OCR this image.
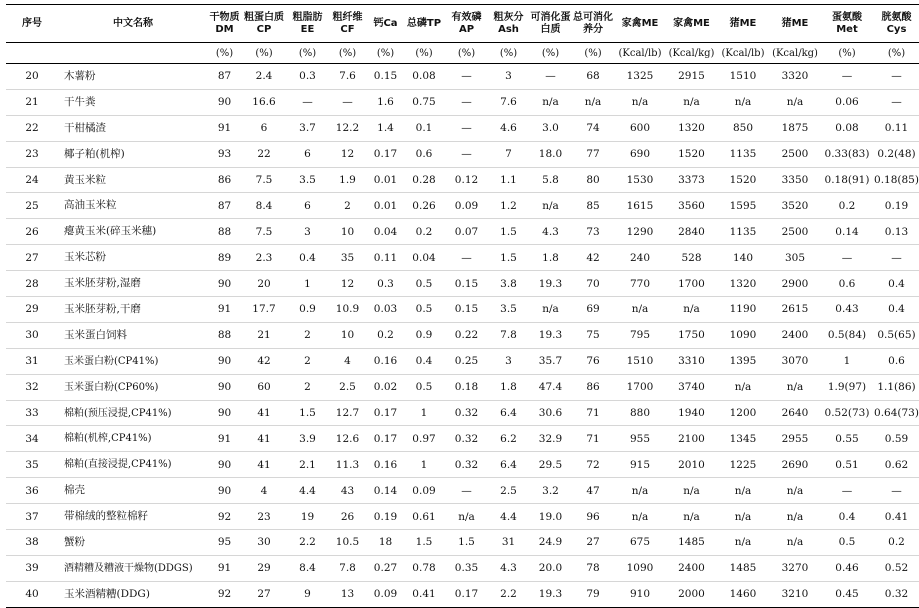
序号	中文名称	干物质 DM	粗蛋白质CP	粗脂肪 EE	粗纤维 CF	钙Ca	总磷TP	有效磷 AP	粗灰分 Ash	可消化蛋白质	总可消化养分	家禽ME	家禽ME	猪ME	猪ME	蛋氨酸 Met	胱氨酸 Cys
		(%)	(%)	(%)	(%)	(%)	(%)	(%)	(%)	(%)	(%)	(Kcal/lb)	(Kcal/kg)	(Kcal/lb)	(Kcal/kg)	(%)	(%)
20	木薯粉	87	2.4	0.3	7.6	0.15	0.08	—	3	—	68	1325	2915	1510	3320	—	—
21	干牛粪	90	16.6	—	—	1.6	0.75	—	7.6	n/a	n/a	n/a	n/a	n/a	n/a	0.06	—
22	干柑橘渣	91	6	3.7	12.2	1.4	0.1	—	4.6	3.0	74	600	1320	850	1875	0.08	0.11
23	椰子粕(机榨)	93	22	6	12	0.17	0.6	—	7	18.0	77	690	1520	1135	2500	0.33(83)	0.2(48)
24	黄玉米粒	86	7.5	3.5	1.9	0.01	0.28	0.12	1.1	5.8	80	1530	3373	1520	3350	0.18(91)	0.18(85)
25	高油玉米粒	87	8.4	6	2	0.01	0.26	0.09	1.2	n/a	85	1615	3560	1595	3520	0.2	0.19
26	瘪黄玉米(碎玉米穗)	88	7.5	3	10	0.04	0.2	0.07	1.5	4.3	73	1290	2840	1135	2500	0.14	0.13
27	玉米芯粉	89	2.3	0.4	35	0.11	0.04	—	1.5	1.8	42	240	528	140	305	—	—
28	玉米胚芽粉,湿磨	90	20	1	12	0.3	0.5	0.15	3.8	19.3	70	770	1700	1320	2900	0.6	0.4
29	玉米胚芽粉,干磨	91	17.7	0.9	10.9	0.03	0.5	0.15	3.5	n/a	69	n/a	n/a	1190	2615	0.43	0.4
30	玉米蛋白饲料	88	21	2	10	0.2	0.9	0.22	7.8	19.3	75	795	1750	1090	2400	0.5(84)	0.5(65)
31	玉米蛋白粉(CP41%)	90	42	2	4	0.16	0.4	0.25	3	35.7	76	1510	3310	1395	3070	1	0.6
32	玉米蛋白粉(CP60%)	90	60	2	2.5	0.02	0.5	0.18	1.8	47.4	86	1700	3740	n/a	n/a	1.9(97)	1.1(86)
33	棉粕(预压浸提,CP41%)	90	41	1.5	12.7	0.17	1	0.32	6.4	30.6	71	880	1940	1200	2640	0.52(73)	0.64(73)
34	棉粕(机榨,CP41%)	91	41	3.9	12.6	0.17	0.97	0.32	6.2	32.9	71	955	2100	1345	2955	0.55	0.59
35	棉粕(直接浸提,CP41%)	90	41	2.1	11.3	0.16	1	0.32	6.4	29.5	72	915	2010	1225	2690	0.51	0.62
36	棉壳	90	4	4.4	43	0.14	0.09	—	2.5	3.2	47	n/a	n/a	n/a	n/a	—	—
37	带棉绒的整粒棉籽	92	23	19	26	0.19	0.61	n/a	4.4	19.0	96	n/a	n/a	n/a	n/a	0.4	0.41
38	蟹粉	95	30	2.2	10.5	18	1.5	1.5	31	24.9	27	675	1485	n/a	n/a	0.5	0.2
39	酒精糟及糟液干燥物(DDGS)	91	29	8.4	7.8	0.27	0.78	0.35	4.3	20.0	78	1090	2400	1485	3270	0.46	0.52
40	玉米酒精糟(DDG)	92	27	9	13	0.09	0.41	0.17	2.2	19.3	79	910	2000	1460	3210	0.45	0.32
